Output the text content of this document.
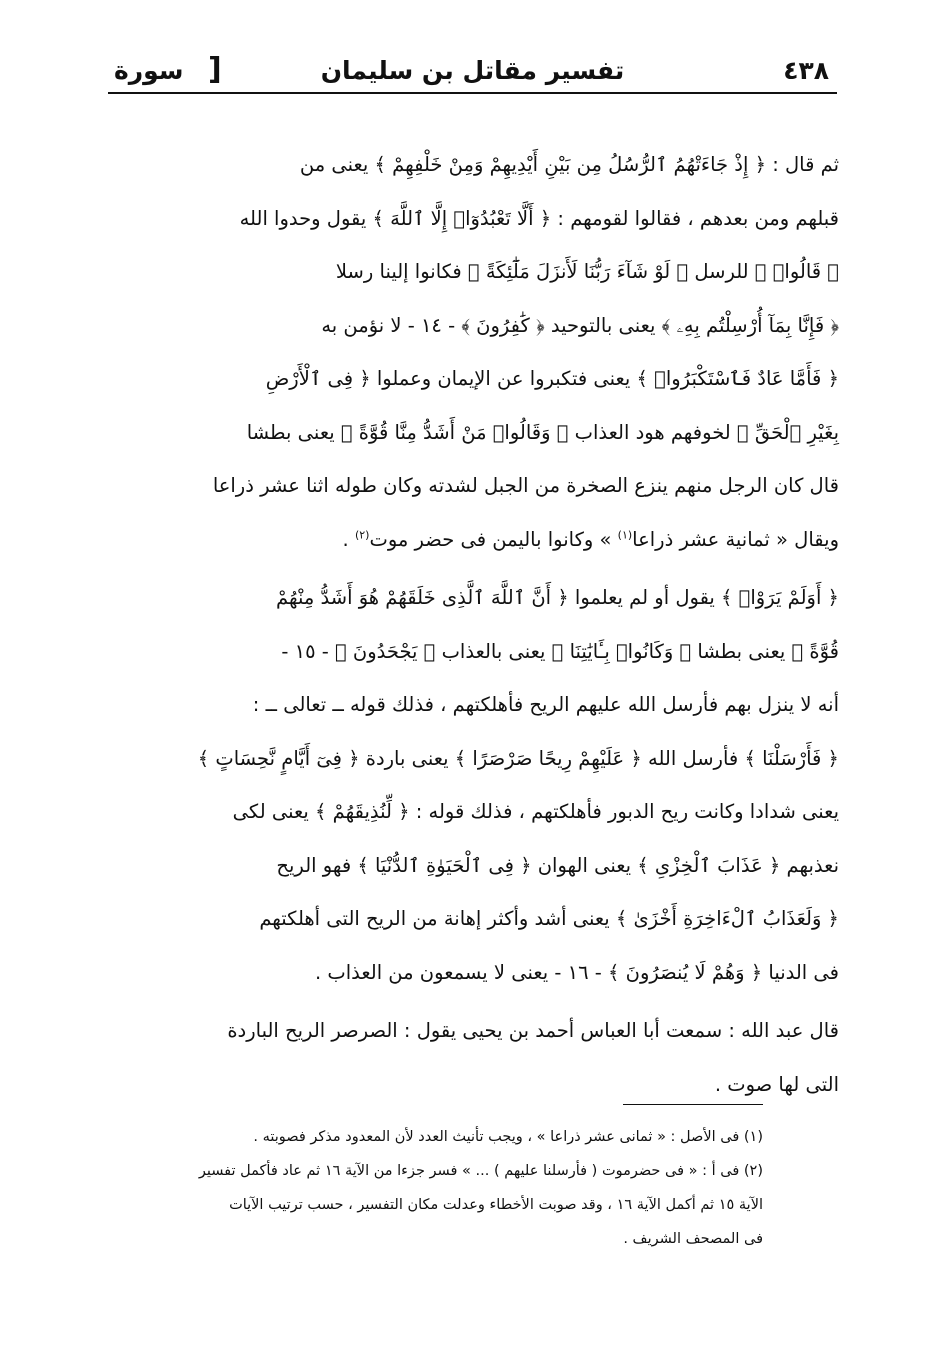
٤٣٨
تفسير مقاتل بن سليمان
[
سورة

ثم قال : ﴿ إِذْ جَاءَتْهُمُ ٱلرُّسُلُ مِن بَيْنِ أَيْدِيهِمْ وَمِنْ خَلْفِهِمْ ﴾ يعنى من

قبلهم ومن بعدهم ، فقالوا لقومهم : ﴿ أَلَّا تَعْبُدُوٓا۟ إِلَّا ٱللَّهَ ﴾ يقول وحدوا الله

﴿ قَالُوا۟ ﴾ للرسل ﴿ لَوْ شَآءَ رَبُّنَا لَأَنزَلَ مَلَٰٓئِكَةً ﴾ فكانوا إلينا رسلا

﴿ فَإِنَّا بِمَآ أُرْسِلْتُم بِهِۦ ﴾ يعنى بالتوحيد ﴿ كَٰفِرُونَ ﴾ - ١٤ - لا نؤمن به

﴿ فَأَمَّا عَادٌ فَٱسْتَكْبَرُوا۟ ﴾ يعنى فتكبروا عن الإيمان وعملوا ﴿ فِى ٱلْأَرْضِ

بِغَيْرِ ٱلْحَقِّ ﴾ لخوفهم هود العذاب ﴿ وَقَالُوا۟ مَنْ أَشَدُّ مِنَّا قُوَّةً ﴾ يعنى بطشا

قال كان الرجل منهم ينزع الصخرة من الجبل لشدته وكان طوله اثنا عشر ذراعا

ويقال « ثمانية عشر ذراعا$^{(١)}$ » وكانوا باليمن فى حضر موت$^{(٢)}$ .

﴿ أَوَلَمْ يَرَوْا۟ ﴾ يقول أو لم يعلموا ﴿ أَنَّ ٱللَّهَ ٱلَّذِى خَلَقَهُمْ هُوَ أَشَدُّ مِنْهُمْ

قُوَّةً ﴾ يعنى بطشا ﴿ وَكَانُوا۟ بِـَٔايَٰتِنَا ﴾ يعنى بالعذاب ﴿ يَجْحَدُونَ ﴾ - ١٥ -

أنه لا ينزل بهم فأرسل الله عليهم الريح فأهلكتهم ، فذلك قوله ــ تعالى ــ :

﴿ فَأَرْسَلْنَا ﴾ فأرسل الله ﴿ عَلَيْهِمْ رِيحًا صَرْصَرًا ﴾ يعنى باردة ﴿ فِىٓ أَيَّامٍ نَّحِسَاتٍ ﴾

يعنى شدادا وكانت ريح الدبور فأهلكتهم ، فذلك قوله : ﴿ لِّنُذِيقَهُمْ ﴾ يعنى لكى

نعذبهم ﴿ عَذَابَ ٱلْخِزْىِ ﴾ يعنى الهوان ﴿ فِى ٱلْحَيَوٰةِ ٱلدُّنْيَا ﴾ فهو الريح

﴿ وَلَعَذَابُ ٱلْءَاخِرَةِ أَخْزَىٰ ﴾ يعنى أشد وأكثر إهانة من الريح التى أهلكتهم

فى الدنيا ﴿ وَهُمْ لَا يُنصَرُونَ ﴾ - ١٦ - يعنى لا يسمعون من العذاب .

قال عبد الله : سمعت أبا العباس أحمد بن يحيى يقول : الصرصر الريح الباردة

التى لها صوت .

(١) فى الأصل : « ثمانى عشر ذراعا » ، ويجب تأنيث العدد لأن المعدود مذكر فصوبته .

(٢) فى أ : « فى حضرموت ( فأرسلنا عليهم ) ... » فسر جزءا من الآية ١٦ ثم عاد فأكمل تفسير

الآية ١٥ ثم أكمل الآية ١٦ ، وقد صوبت الأخطاء وعدلت مكان التفسير ، حسب ترتيب الآيات

فى المصحف الشريف .
